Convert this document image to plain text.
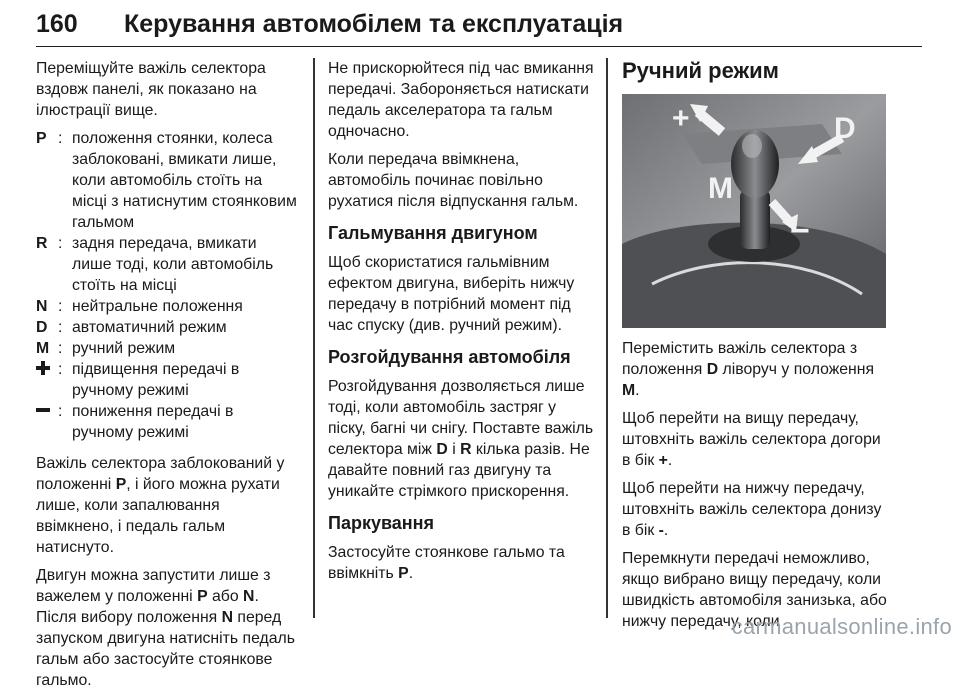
160 Керування автомобілем та експлуатація

Переміщуйте важіль селектора вздовж панелі, як показано на ілюстрації вище.

P : положення стоянки, колеса заблоковані, вмикати лише, коли автомобіль стоїть на місці з натиснутим стоянковим гальмом
R : задня передача, вмикати лише тоді, коли автомобіль стоїть на місці
N : нейтральне положення
D : автоматичний режим
M : ручний режим
: підвищення передачі в ручному режимі
: пониження передачі в ручному режимі

Важіль селектора заблокований у положенні P, і його можна рухати лише, коли запалювання ввімкнено, і педаль гальм натиснуто.

Двигун можна запустити лише з важелем у положенні P або N. Після вибору положення N перед запуском двигуна натисніть педаль гальм або застосуйте стоянкове гальмо.

Не прискорюйтеся під час вмикання передачі. Забороняється натискати педаль акселератора та гальм одночасно.

Коли передача ввімкнена, автомобіль починає повільно рухатися після відпускання гальм.

Гальмування двигуном

Щоб скористатися гальмівним ефектом двигуна, виберіть нижчу передачу в потрібний момент під час спуску (див. ручний режим).

Розгойдування автомобіля

Розгойдування дозволяється лише тоді, коли автомобіль застряг у піску, багні чи снігу. Поставте важіль селектора між D і R кілька разів. Не давайте повний газ двигуну та уникайте стрімкого прискорення.

Паркування

Застосуйте стоянкове гальмо та ввімкніть P.

Ручний режим
+	D
M
−

Перемістить важіль селектора з положення D ліворуч у положення M.

Щоб перейти на вищу передачу, штовхніть важіль селектора догори в бік +.

Щоб перейти на нижчу передачу, штовхніть важіль селектора донизу в бік -.

Перемкнути передачі неможливо, якщо вибрано вищу передачу, коли швидкість автомобіля занизька, або нижчу передачу, коли

carmanualsonline.info
